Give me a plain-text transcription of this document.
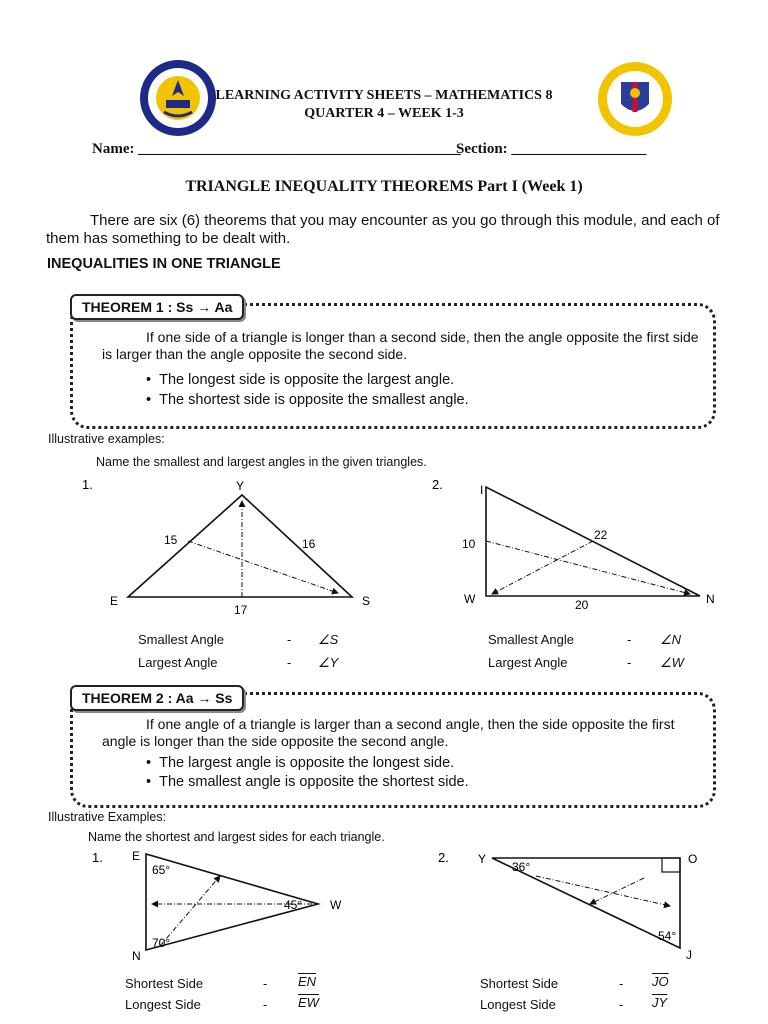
LEARNING ACTIVITY SHEETS – MATHEMATICS 8
QUARTER 4 – WEEK 1-3
Name: ___________________________________________
Section: __________________
TRIANGLE INEQUALITY THEOREMS Part I (Week 1)
There are six (6) theorems that you may encounter as you go through this module, and each of them has something to be dealt with.
INEQUALITIES IN ONE TRIANGLE
THEOREM 1 : Ss → Aa
If one side of a triangle is longer than a second side, then the angle opposite the first side is larger than the angle opposite the second side.
•  The longest side is opposite the largest angle.
•  The shortest side is opposite the smallest angle.
Illustrative examples:
Name the smallest and largest angles in the given triangles.
1.	Y
E	S
15	16
17
2.	I
W	N
10
22
20
Smallest Angle	- ∠S
Largest Angle	- ∠Y
Smallest Angle	- ∠N
Largest Angle	- ∠W
THEOREM 2 : Aa → Ss
If one angle of a triangle is larger than a second angle, then the side opposite the first angle is longer than the side opposite the second angle.
•  The largest angle is opposite the longest side.
•  The smallest angle is opposite the shortest side.
Illustrative Examples:
Name the shortest and largest sides for each triangle.
1. E
N
W
65°
45°
70°
2. Y	O
J
36°
54°
Shortest Side	- $\overline{EN}$
Longest Side	- $\overline{EW}$
Shortest Side	- $\overline{JO}$
Longest Side	- $\overline{JY}$
